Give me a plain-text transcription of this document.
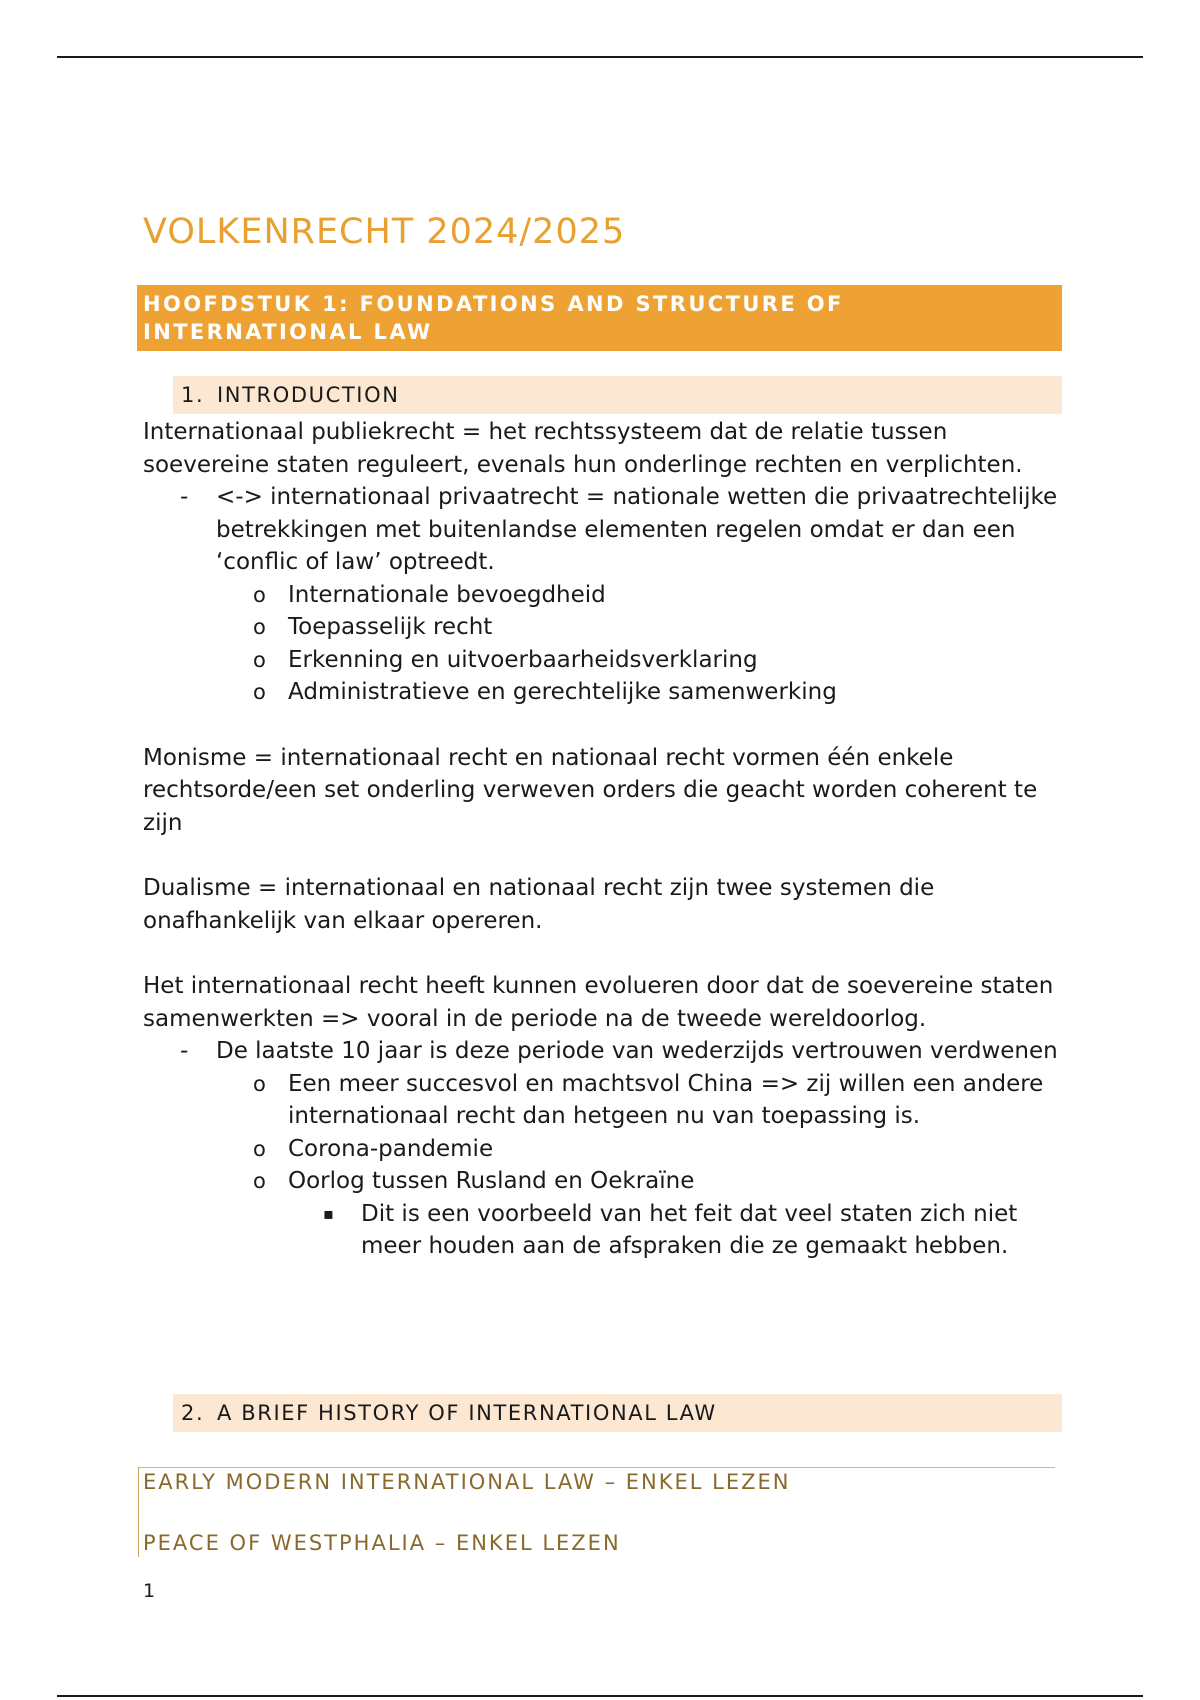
VOLKENRECHT 2024/2025
HOOFDSTUK 1: FOUNDATIONS AND STRUCTURE OF
INTERNATIONAL LAW
1. INTRODUCTION

Internationaal publiekrecht = het rechtssysteem dat de relatie tussen soevereine staten reguleert, evenals hun onderlinge rechten en verplichten.

- <-> internationaal privaatrecht = nationale wetten die privaatrechtelijke betrekkingen met buitenlandse elementen regelen omdat er dan een ‘conflic of law’ optreedt.
o Internationale bevoegdheid
o Toepasselijk recht
o Erkenning en uitvoerbaarheidsverklaring
o Administratieve en gerechtelijke samenwerking

Monisme = internationaal recht en nationaal recht vormen één enkele rechtsorde/een set onderling verweven orders die geacht worden coherent te zijn

Dualisme = internationaal en nationaal recht zijn twee systemen die onafhankelijk van elkaar opereren.

Het internationaal recht heeft kunnen evolueren door dat de soevereine staten samenwerkten => vooral in de periode na de tweede wereldoorlog.

- De laatste 10 jaar is deze periode van wederzijds vertrouwen verdwenen
o Een meer succesvol en machtsvol China => zij willen een andere internationaal recht dan hetgeen nu van toepassing is.
o Corona-pandemie
o Oorlog tussen Rusland en Oekraïne
▪ Dit is een voorbeeld van het feit dat veel staten zich niet meer houden aan de afspraken die ze gemaakt hebben.
2. A BRIEF HISTORY OF INTERNATIONAL LAW

EARLY MODERN INTERNATIONAL LAW – ENKEL LEZEN

PEACE OF WESTPHALIA – ENKEL LEZEN

1
